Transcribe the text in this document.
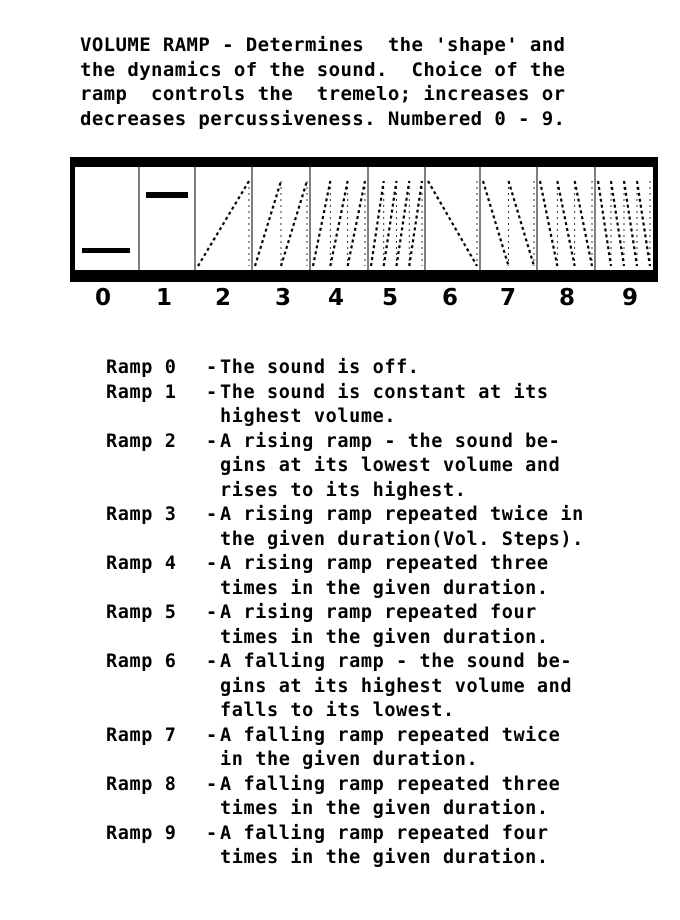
VOLUME RAMP - Determines  the 'shape' and
the dynamics of the sound.  Choice of the
ramp  controls the  tremelo; increases or
decreases percussiveness. Numbered 0 - 9.
0	1	2	3	4	5	6	7	8	9
Ramp 0	- The sound is off.
Ramp 1	- The sound is constant at its
highest volume.
Ramp 2	- A rising ramp - the sound be-
gins at its lowest volume and
rises to its highest.
Ramp 3	- A rising ramp repeated twice in
the given duration(Vol. Steps).
Ramp 4	- A rising ramp repeated three
times in the given duration.
Ramp 5	- A rising ramp repeated four
times in the given duration.
Ramp 6	- A falling ramp - the sound be-
gins at its highest volume and
falls to its lowest.
Ramp 7	- A falling ramp repeated twice
in the given duration.
Ramp 8	- A falling ramp repeated three
times in the given duration.
Ramp 9	- A falling ramp repeated four
times in the given duration.
